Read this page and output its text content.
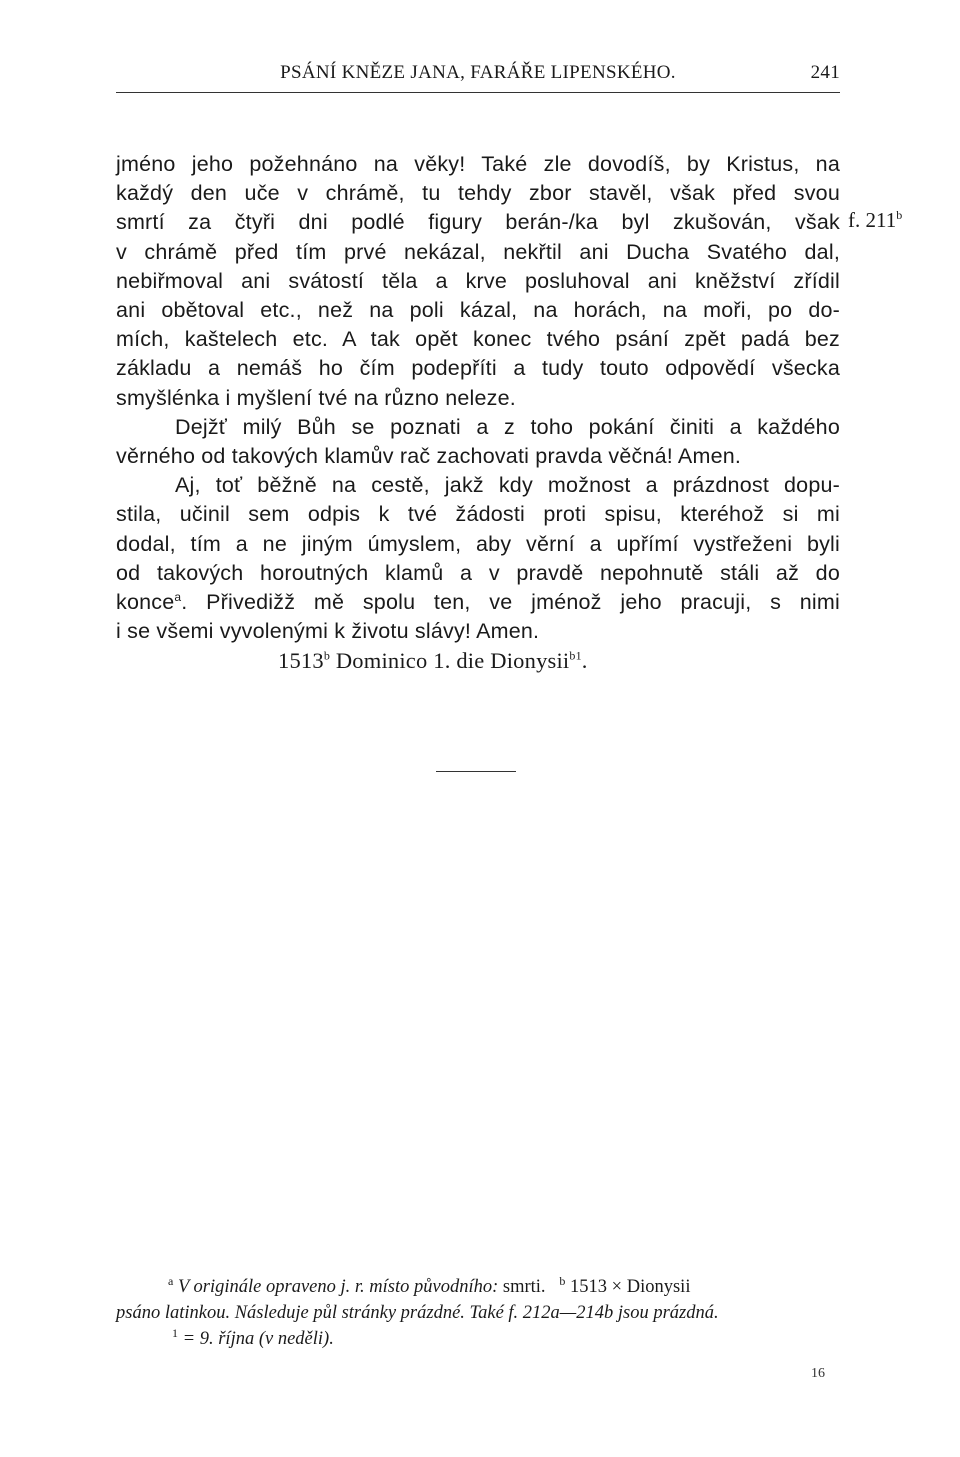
PSÁNÍ KNĚZE JANA, FARÁŘE LIPENSKÉHO.	241
jméno jeho požehnáno na věky! Také zle dovodíš, by Kristus, na
každý den uče v chrámě, tu tehdy zbor stavěl, však před svou
smrtí za čtyři dni podlé figury berán-/ka byl zkušován, však
v chrámě před tím prvé nekázal, nekřtil ani Ducha Svatého dal,
nebiřmoval ani svátostí těla a krve posluhoval ani kněžství zřídil
ani obětoval etc., než na poli kázal, na horách, na moři, po do-
mích, kaštelech etc. A tak opět konec tvého psání zpět padá bez
základu a nemáš ho čím podepříti a tudy touto odpovědí všecka
smyšlénka i myšlení tvé na různo neleze.
Dejžť milý Bůh se poznati a z toho pokání činiti a každého
věrného od takových klamův rač zachovati pravda věčná! Amen.
Aj, toť běžně na cestě, jakž kdy možnost a prázdnost dopu-
stila, učinil sem odpis k tvé žádosti proti spisu, kteréhož si mi
dodal, tím a ne jiným úmyslem, aby věrní a upřímí vystřeženi byli
od takových horoutných klamů a v pravdě nepohnutě stáli až do
konce$^a$. Přivedižž mě spolu ten, ve jménož jeho pracuji, s nimi
i se všemi vyvolenými k životu slávy! Amen.
1513$^b$ Dominico 1. die Dionysii$^{b1}$.
f. 211$^b$
$^a$ V originále opraveno j. r. místo původního: smrti. $^b$ 1513 × Dionysii
psáno latinkou. Následuje půl stránky prázdné. Také f. 212a—214b jsou prázdná.
$^1$ = 9. října (v neděli).
16
